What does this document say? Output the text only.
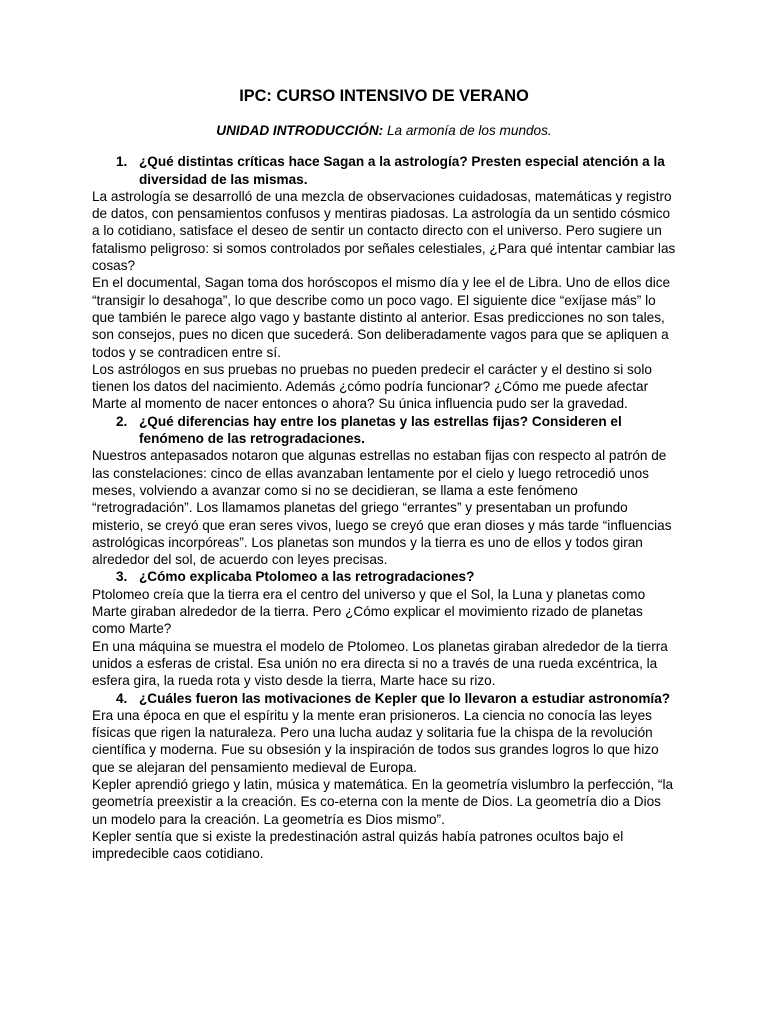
IPC: CURSO INTENSIVO DE VERANO
UNIDAD INTRODUCCIÓN: La armonía de los mundos.
1. ¿Qué distintas críticas hace Sagan a la astrología? Presten especial atención a la diversidad de las mismas.

La astrología se desarrolló de una mezcla de observaciones cuidadosas, matemáticas y registro de datos, con pensamientos confusos y mentiras piadosas. La astrología da un sentido cósmico a lo cotidiano, satisface el deseo de sentir un contacto directo con el universo. Pero sugiere un fatalismo peligroso: si somos controlados por señales celestiales, ¿Para qué intentar cambiar las cosas?

En el documental, Sagan toma dos horóscopos el mismo día y lee el de Libra. Uno de ellos dice “transigir lo desahoga”, lo que describe como un poco vago. El siguiente dice “exíjase más” lo que también le parece algo vago y bastante distinto al anterior. Esas predicciones no son tales, son consejos, pues no dicen que sucederá. Son deliberadamente vagos para que se apliquen a todos y se contradicen entre sí.

Los astrólogos en sus pruebas no pruebas no pueden predecir el carácter y el destino si solo tienen los datos del nacimiento. Además ¿cómo podría funcionar? ¿Cómo me puede afectar Marte al momento de nacer entonces o ahora? Su única influencia pudo ser la gravedad.

2. ¿Qué diferencias hay entre los planetas y las estrellas fijas? Consideren el fenómeno de las retrogradaciones.

Nuestros antepasados notaron que algunas estrellas no estaban fijas con respecto al patrón de las constelaciones: cinco de ellas avanzaban lentamente por el cielo y luego retrocedió unos meses, volviendo a avanzar como si no se decidieran, se llama a este fenómeno “retrogradación”. Los llamamos planetas del griego “errantes” y presentaban un profundo misterio, se creyó que eran seres vivos, luego se creyó que eran dioses y más tarde “influencias astrológicas incorpóreas”. Los planetas son mundos y la tierra es uno de ellos y todos giran alrededor del sol, de acuerdo con leyes precisas.

3. ¿Cómo explicaba Ptolomeo a las retrogradaciones?

Ptolomeo creía que la tierra era el centro del universo y que el Sol, la Luna y planetas como Marte giraban alrededor de la tierra. Pero ¿Cómo explicar el movimiento rizado de planetas como Marte?

En una máquina se muestra el modelo de Ptolomeo. Los planetas giraban alrededor de la tierra unidos a esferas de cristal. Esa unión no era directa si no a través de una rueda excéntrica, la esfera gira, la rueda rota y visto desde la tierra, Marte hace su rizo.

4. ¿Cuáles fueron las motivaciones de Kepler que lo llevaron a estudiar astronomía?

Era una época en que el espíritu y la mente eran prisioneros. La ciencia no conocía las leyes físicas que rigen la naturaleza. Pero una lucha audaz y solitaria fue la chispa de la revolución científica y moderna. Fue su obsesión y la inspiración de todos sus grandes logros lo que hizo que se alejaran del pensamiento medieval de Europa.

Kepler aprendió griego y latin, música y matemática. En la geometría vislumbro la perfección, “la geometría preexistir a la creación. Es co-eterna con la mente de Dios. La geometría dio a Dios un modelo para la creación. La geometría es Dios mismo”.

Kepler sentía que si existe la predestinación astral quizás había patrones ocultos bajo el impredecible caos cotidiano.
